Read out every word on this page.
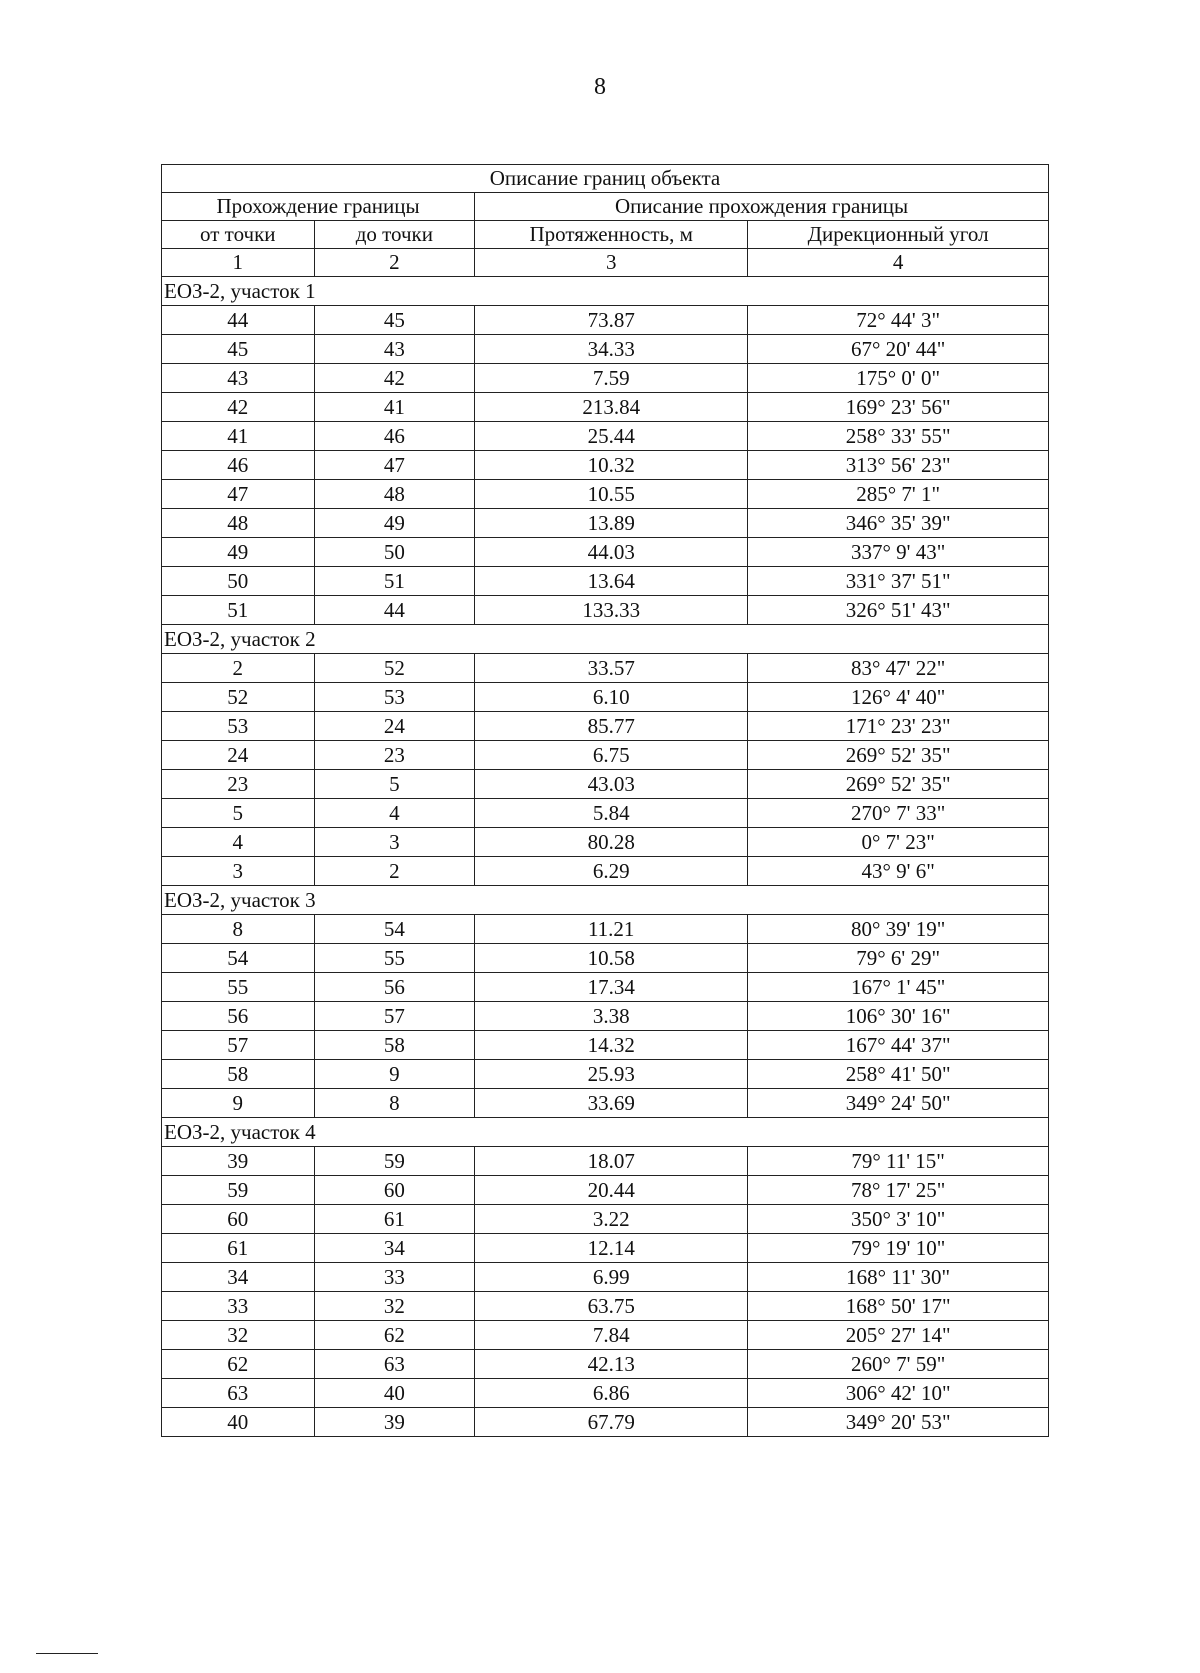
8
Описание границ объекта			
Прохождение границы		Описание прохождения границы	
от точки	до точки	Протяженность, м	Дирекционный угол
1	2	3	4
ЕОЗ-2, участок 1			
44	45	73.87	72° 44' 3"
45	43	34.33	67° 20' 44"
43	42	7.59	175° 0' 0"
42	41	213.84	169° 23' 56"
41	46	25.44	258° 33' 55"
46	47	10.32	313° 56' 23"
47	48	10.55	285° 7' 1"
48	49	13.89	346° 35' 39"
49	50	44.03	337° 9' 43"
50	51	13.64	331° 37' 51"
51	44	133.33	326° 51' 43"
ЕОЗ-2, участок 2			
2	52	33.57	83° 47' 22"
52	53	6.10	126° 4' 40"
53	24	85.77	171° 23' 23"
24	23	6.75	269° 52' 35"
23	5	43.03	269° 52' 35"
5	4	5.84	270° 7' 33"
4	3	80.28	0° 7' 23"
3	2	6.29	43° 9' 6"
ЕОЗ-2, участок 3			
8	54	11.21	80° 39' 19"
54	55	10.58	79° 6' 29"
55	56	17.34	167° 1' 45"
56	57	3.38	106° 30' 16"
57	58	14.32	167° 44' 37"
58	9	25.93	258° 41' 50"
9	8	33.69	349° 24' 50"
ЕОЗ-2, участок 4			
39	59	18.07	79° 11' 15"
59	60	20.44	78° 17' 25"
60	61	3.22	350° 3' 10"
61	34	12.14	79° 19' 10"
34	33	6.99	168° 11' 30"
33	32	63.75	168° 50' 17"
32	62	7.84	205° 27' 14"
62	63	42.13	260° 7' 59"
63	40	6.86	306° 42' 10"
40	39	67.79	349° 20' 53"
